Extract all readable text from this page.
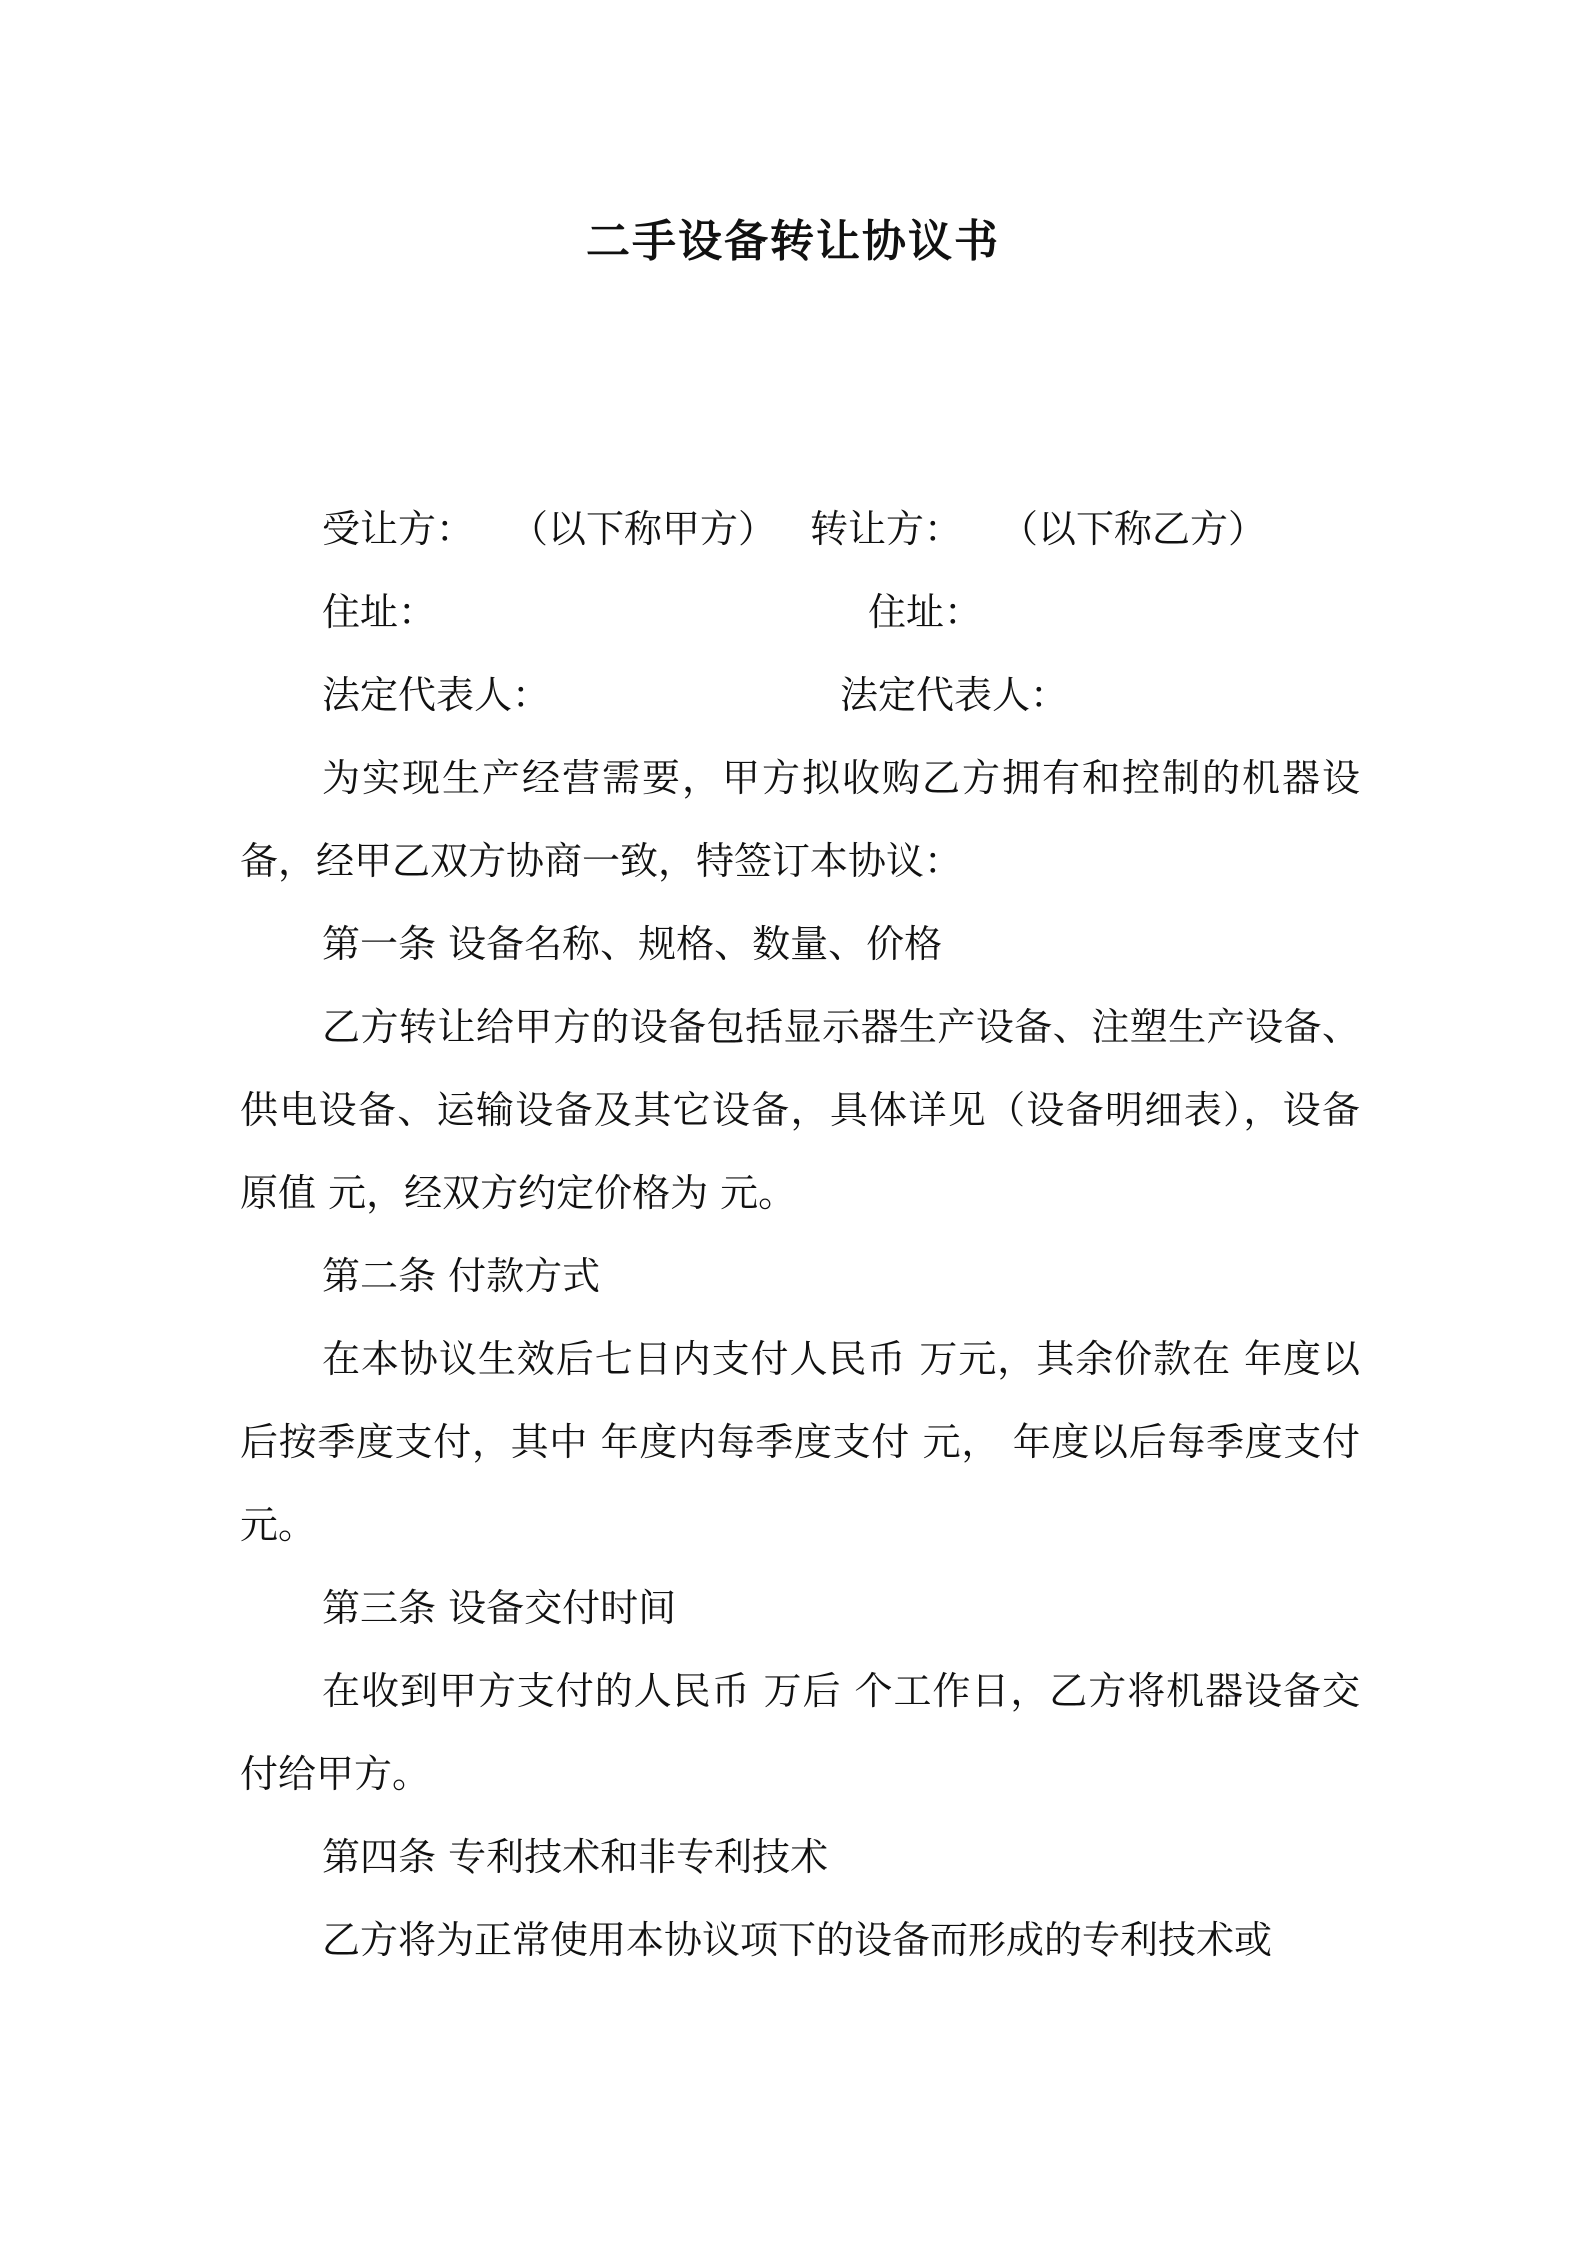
二手设备转让协议书
受让方： （以下称甲方） 转让方： （以下称乙方）
住址：	住址：
法定代表人：	法定代表人：
为实现生产经营需要，甲方拟收购乙方拥有和控制的机器设备，经甲乙双方协商一致，特签订本协议：
第一条 设备名称、规格、数量、价格
乙方转让给甲方的设备包括显示器生产设备、注塑生产设备、供电设备、运输设备及其它设备，具体详见（设备明细表），设备原值 元，经双方约定价格为 元。
第二条 付款方式
在本协议生效后七日内支付人民币 万元，其余价款在 年度以后按季度支付，其中 年度内每季度支付 元， 年度以后每季度支付 元。
第三条 设备交付时间
在收到甲方支付的人民币 万后 个工作日，乙方将机器设备交付给甲方。
第四条 专利技术和非专利技术
乙方将为正常使用本协议项下的设备而形成的专利技术或
